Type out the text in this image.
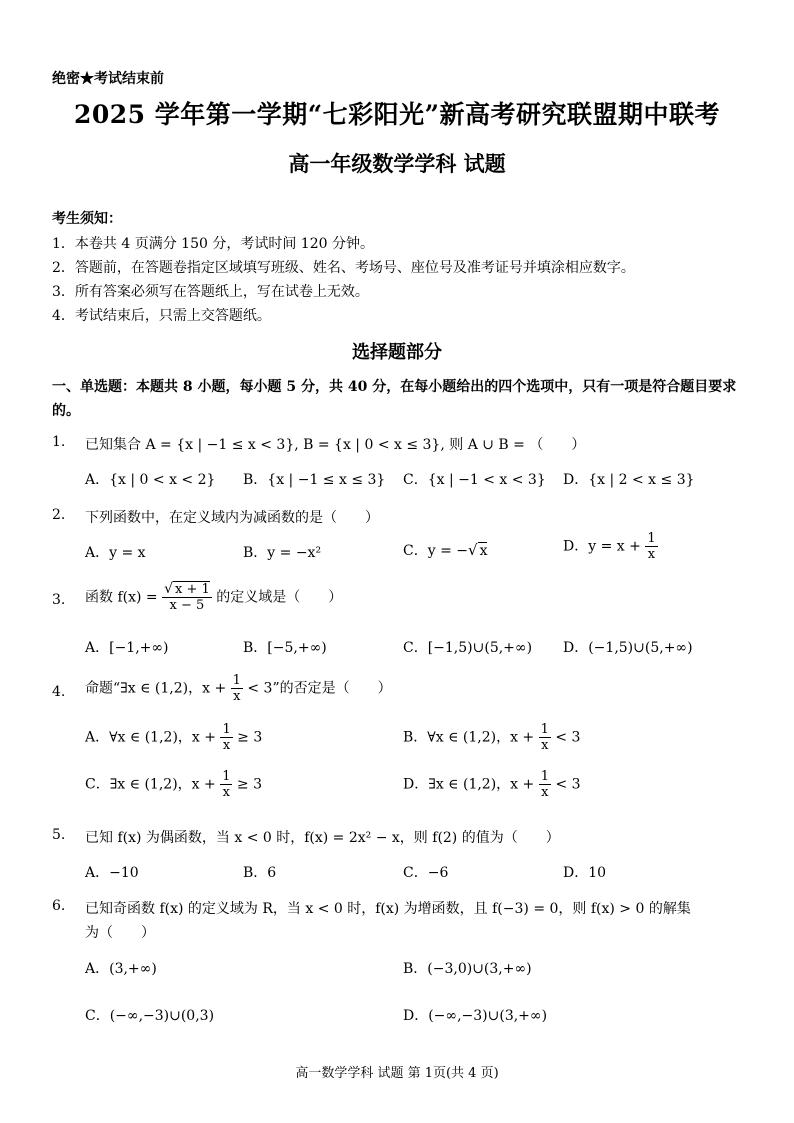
绝密★考试结束前
2025 学年第一学期“七彩阳光”新高考研究联盟期中联考
高一年级数学学科 试题
考生须知：
1．本卷共 4 页满分 150 分，考试时间 120 分钟。
2．答题前，在答题卷指定区域填写班级、姓名、考场号、座位号及准考证号并填涂相应数字。
3．所有答案必须写在答题纸上，写在试卷上无效。
4．考试结束后，只需上交答题纸。
选择题部分
一、单选题：本题共 8 小题，每小题 5 分，共 40 分，在每小题给出的四个选项中，只有一项是符合题目要求的。
1. 已知集合 A = {x | −1 ≤ x < 3}, B = {x | 0 < x ≤ 3}, 则 A ∪ B = （　　）
A．{x | 0 < x < 2} B．{x | −1 ≤ x ≤ 3} C．{x | −1 < x < 3} D．{x | 2 < x ≤ 3}
2. 下列函数中，在定义域内为减函数的是（　　）
A．y = x	B．y = −x²	C．y = −√ x	D．$y = x + \frac{1}{x}$
3. 函数 $f(x) = \frac{√ x + 1}{x - 5}$ 的定义域是（　　）
A．[−1,+∞)	B．[−5,+∞)	C．[−1,5)∪(5,+∞) D．(−1,5)∪(5,+∞)
4. 命题“∃x ∈ (1,2)，$x + \frac{1}{x} < 3$”的否定是（　　）
A．∀x ∈ (1,2)，$x + \frac{1}{x} \ge 3$	B．∀x ∈ (1,2)，$x + \frac{1}{x} < 3$
C．∃x ∈ (1,2)，$x + \frac{1}{x} \ge 3$	D．∃x ∈ (1,2)，$x + \frac{1}{x} < 3$
5. 已知 f(x) 为偶函数，当 x < 0 时，f(x) = 2x² − x，则 f(2) 的值为（　　）
A．−10	B．6	C．−6	D．10
6. 已知奇函数 f(x) 的定义域为 R，当 x < 0 时，f(x) 为增函数，且 f(−3) = 0，则 f(x) > 0 的解集
为（　　）
A．(3,+∞)	B．(−3,0)∪(3,+∞)
C．(−∞,−3)∪(0,3)	D．(−∞,−3)∪(3,+∞)
高一数学学科 试题 第 1页(共 4 页)
